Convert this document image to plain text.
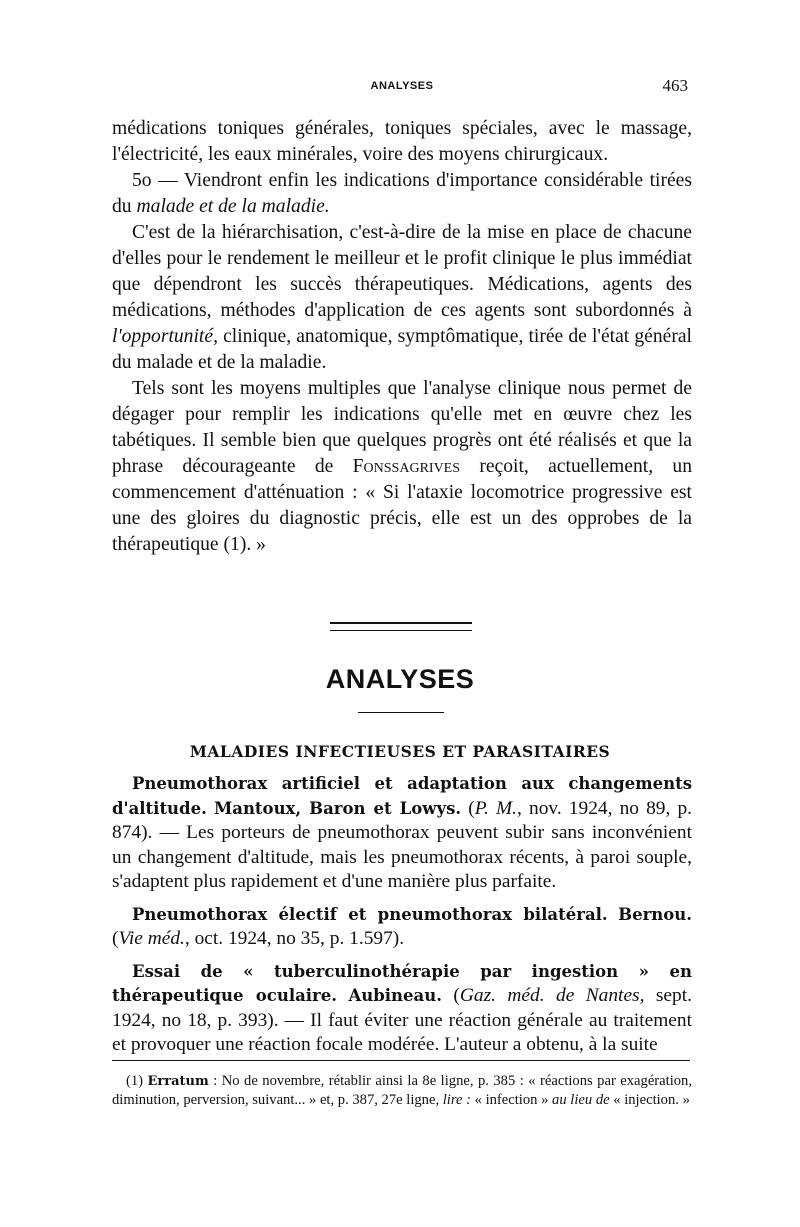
ANALYSES	463

médications toniques générales, toniques spéciales, avec le massage, l'électricité, les eaux minérales, voire des moyens chirurgicaux.

5o — Viendront enfin les indications d'importance considérable tirées du malade et de la maladie.

C'est de la hiérarchisation, c'est-à-dire de la mise en place de chacune d'elles pour le rendement le meilleur et le profit clinique le plus immédiat que dépendront les succès thérapeutiques. Médications, agents des médications, méthodes d'application de ces agents sont subordonnés à l'opportunité, clinique, anatomique, symptômatique, tirée de l'état général du malade et de la maladie.

Tels sont les moyens multiples que l'analyse clinique nous permet de dégager pour remplir les indications qu'elle met en œuvre chez les tabétiques. Il semble bien que quelques progrès ont été réalisés et que la phrase décourageante de Fonssagrives reçoit, actuellement, un commencement d'atténuation : « Si l'ataxie locomotrice progressive est une des gloires du diagnostic précis, elle est un des opprobes de la thérapeutique (1). »

ANALYSES
MALADIES INFECTIEUSES ET PARASITAIRES

Pneumothorax artificiel et adaptation aux changements d'altitude. Mantoux, Baron et Lowys. (P. M., nov. 1924, no 89, p. 874). — Les porteurs de pneumothorax peuvent subir sans inconvénient un changement d'altitude, mais les pneumothorax récents, à paroi souple, s'adaptent plus rapidement et d'une manière plus parfaite.

Pneumothorax électif et pneumothorax bilatéral. Bernou. (Vie méd., oct. 1924, no 35, p. 1.597).

Essai de « tuberculinothérapie par ingestion » en thérapeutique oculaire. Aubineau. (Gaz. méd. de Nantes, sept. 1924, no 18, p. 393). — Il faut éviter une réaction générale au traitement et provoquer une réaction focale modérée. L'auteur a obtenu, à la suite

(1) Erratum : No de novembre, rétablir ainsi la 8e ligne, p. 385 : « réactions par exagération, diminution, perversion, suivant... » et, p. 387, 27e ligne, lire : « infection » au lieu de « injection. »
